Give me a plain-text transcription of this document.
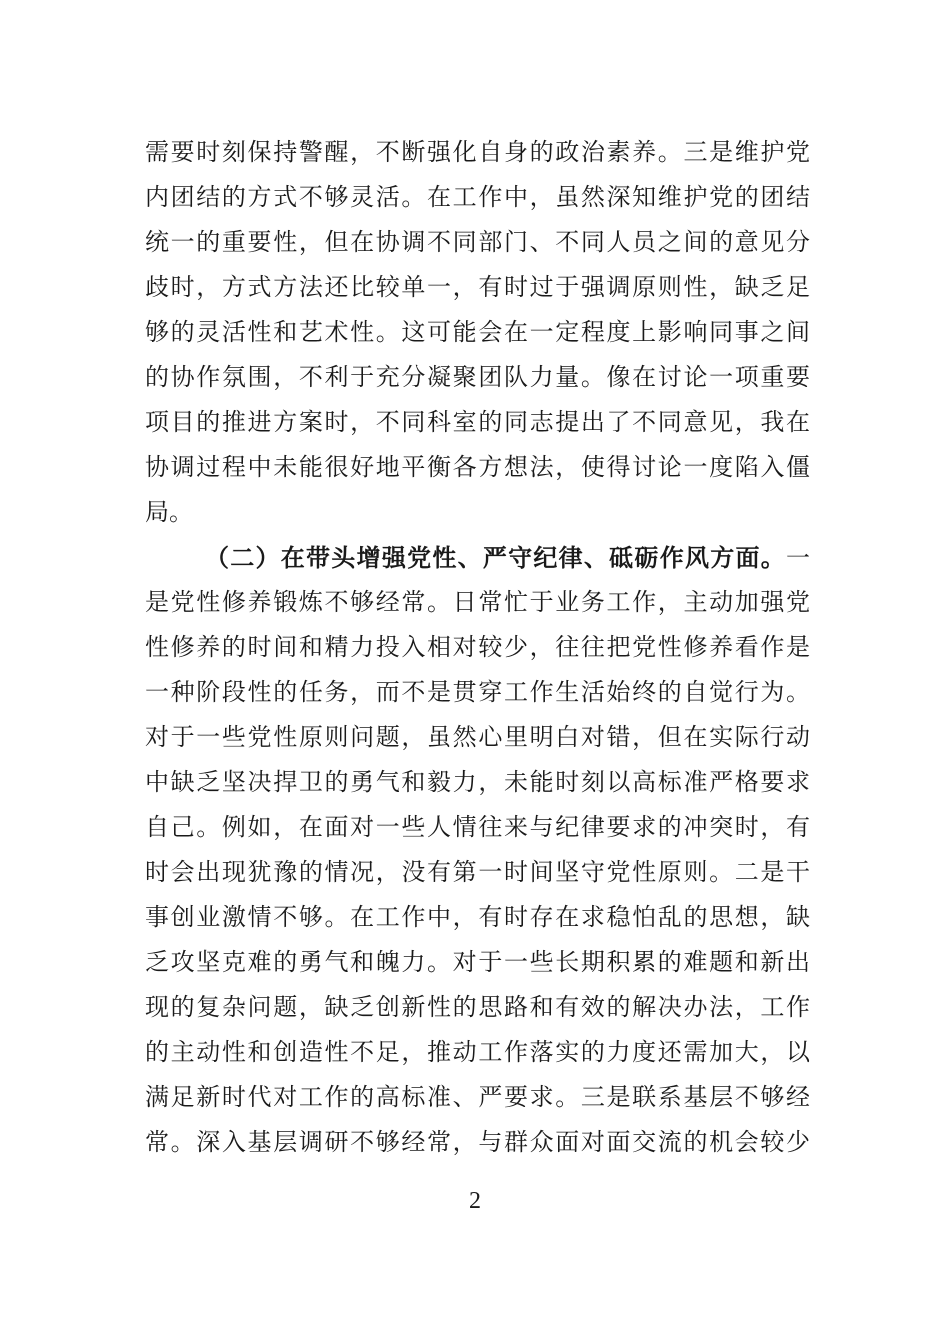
需要时刻保持警醒，不断强化自身的政治素养。三是维护党
内团结的方式不够灵活。在工作中，虽然深知维护党的团结
统一的重要性，但在协调不同部门、不同人员之间的意见分
歧时，方式方法还比较单一，有时过于强调原则性，缺乏足
够的灵活性和艺术性。这可能会在一定程度上影响同事之间
的协作氛围，不利于充分凝聚团队力量。像在讨论一项重要
项目的推进方案时，不同科室的同志提出了不同意见，我在
协调过程中未能很好地平衡各方想法，使得讨论一度陷入僵
局。
（二）在带头增强党性、严守纪律、砥砺作风方面。一
是党性修养锻炼不够经常。日常忙于业务工作，主动加强党
性修养的时间和精力投入相对较少，往往把党性修养看作是
一种阶段性的任务，而不是贯穿工作生活始终的自觉行为。
对于一些党性原则问题，虽然心里明白对错，但在实际行动
中缺乏坚决捍卫的勇气和毅力，未能时刻以高标准严格要求
自己。例如，在面对一些人情往来与纪律要求的冲突时，有
时会出现犹豫的情况，没有第一时间坚守党性原则。二是干
事创业激情不够。在工作中，有时存在求稳怕乱的思想，缺
乏攻坚克难的勇气和魄力。对于一些长期积累的难题和新出
现的复杂问题，缺乏创新性的思路和有效的解决办法，工作
的主动性和创造性不足，推动工作落实的力度还需加大，以
满足新时代对工作的高标准、严要求。三是联系基层不够经
常。深入基层调研不够经常，与群众面对面交流的机会较少
2
